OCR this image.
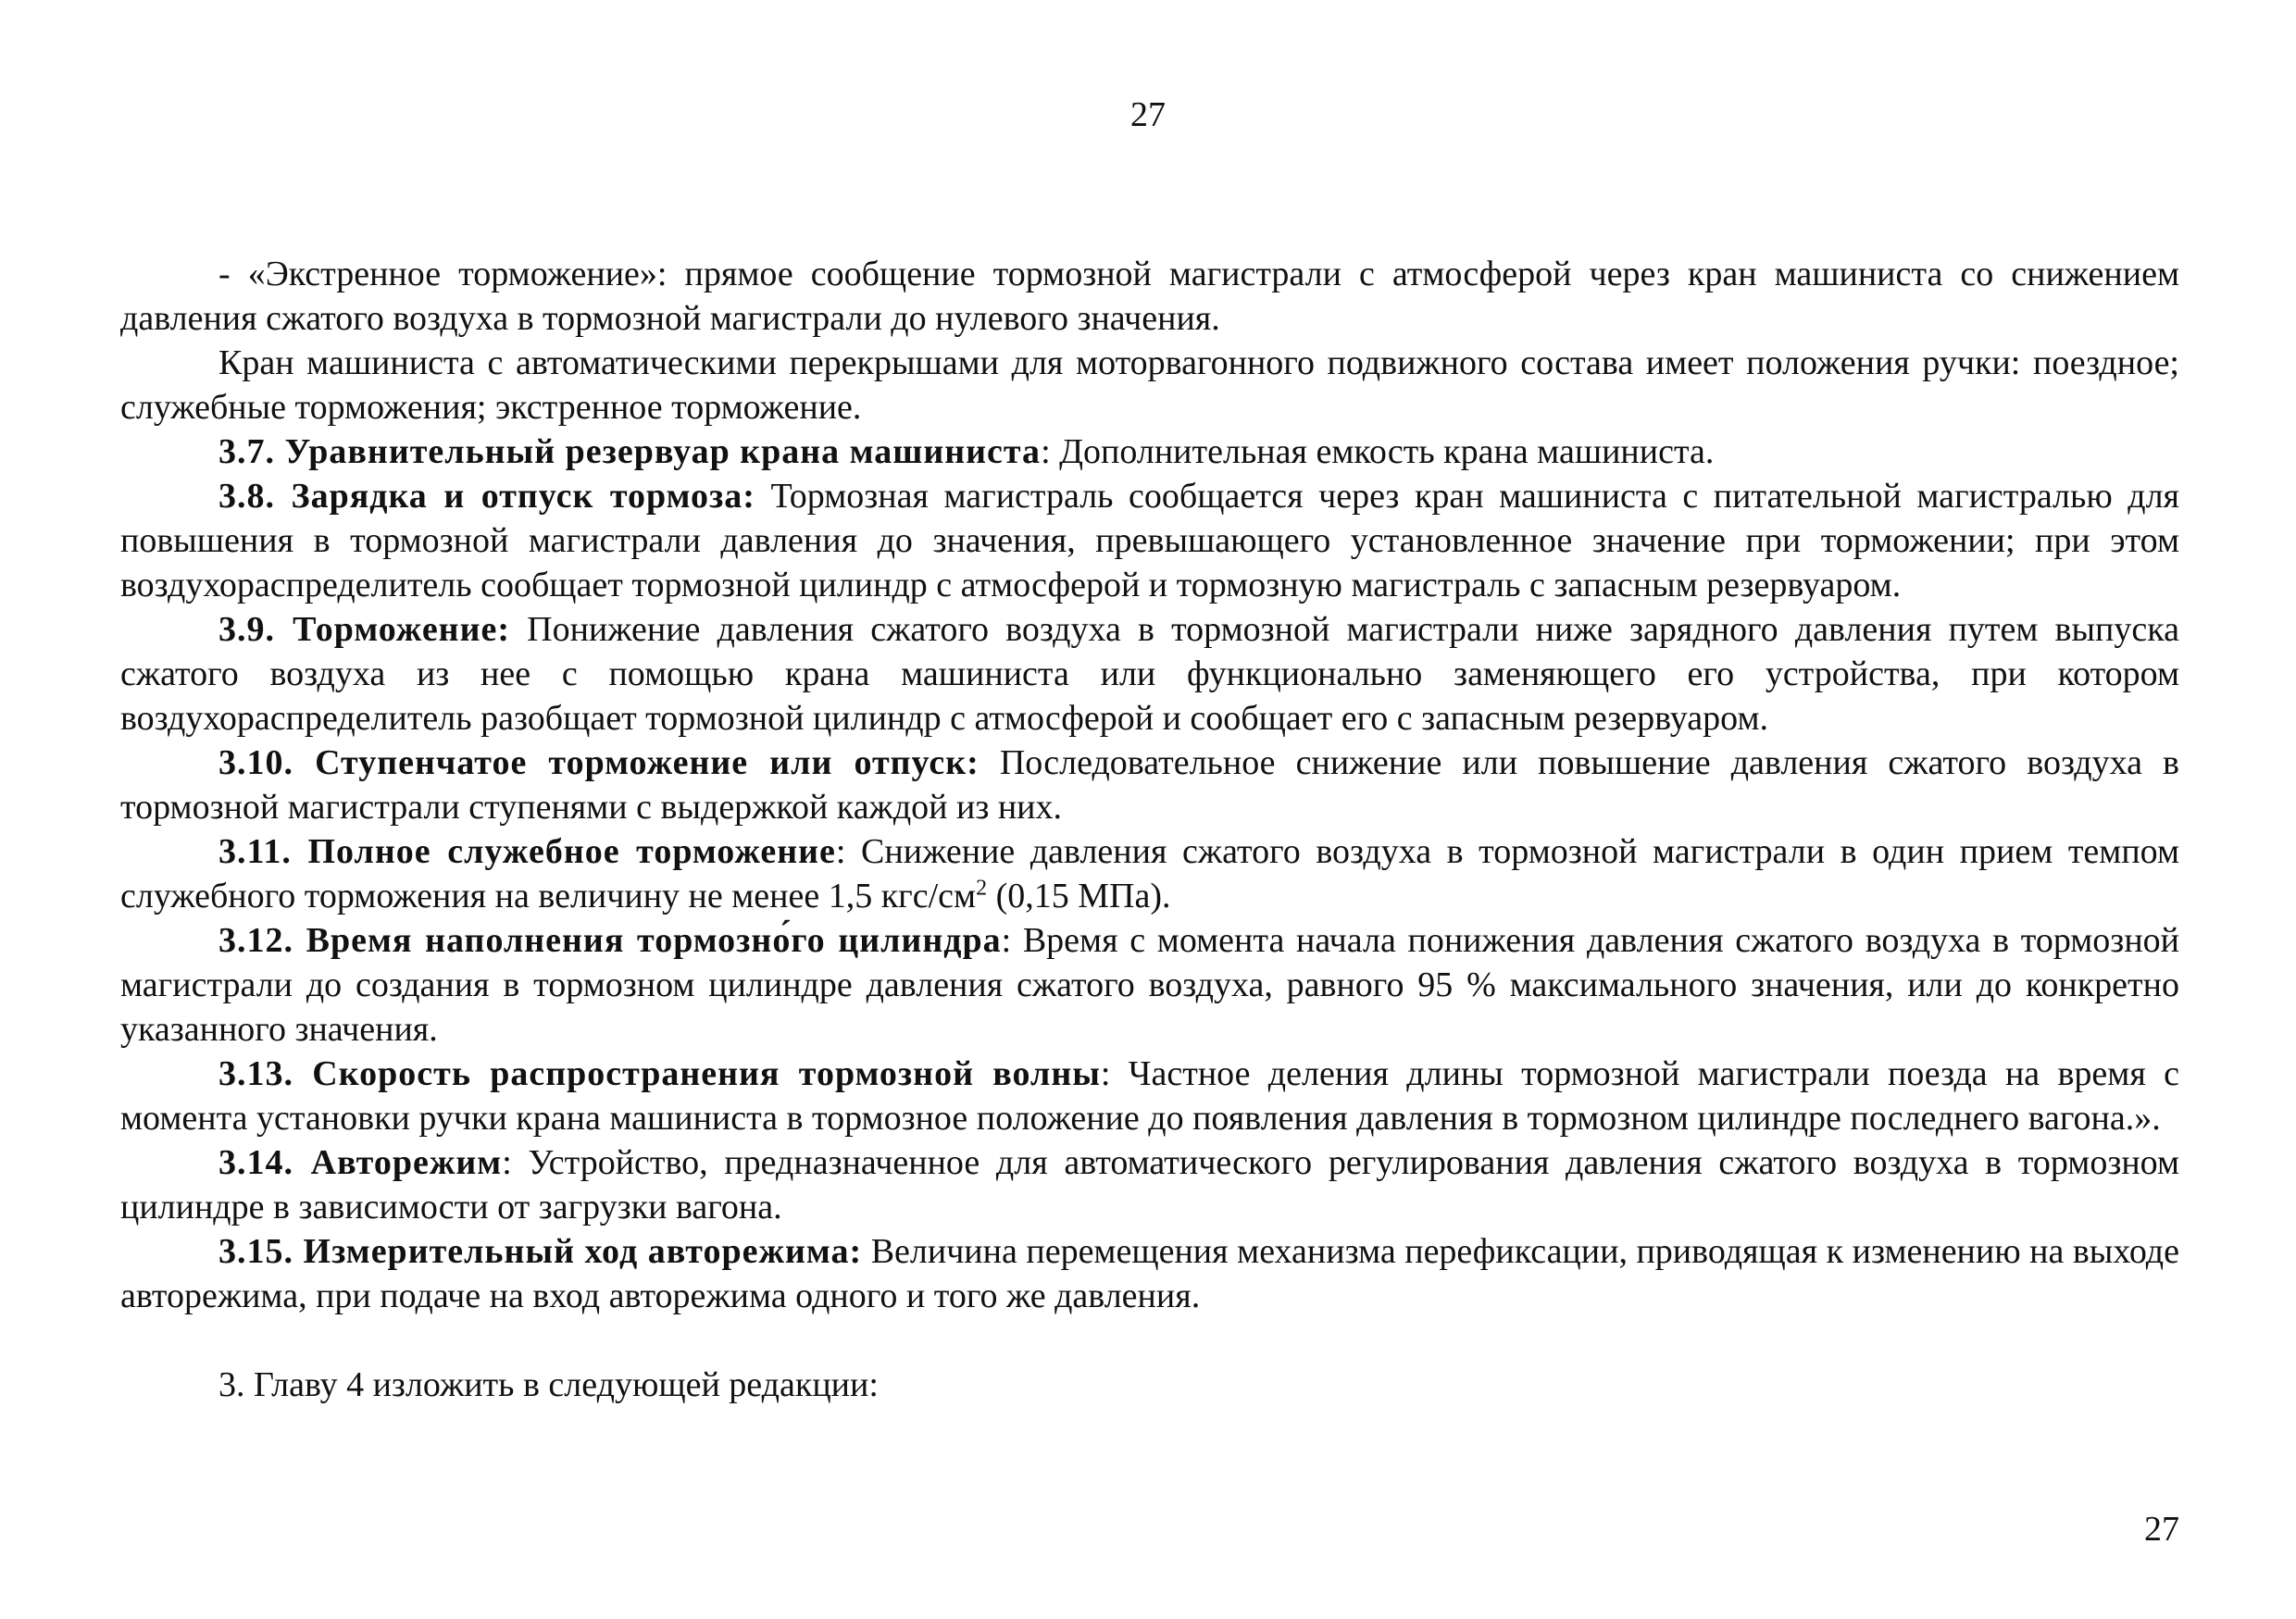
27

- «Экстренное торможение»: прямое сообщение тормозной магистрали с атмосферой через кран машиниста со снижением давления сжатого воздуха в тормозной магистрали до нулевого значения.

Кран машиниста с автоматическими перекрышами для моторвагонного подвижного состава имеет положения ручки: поездное; служебные торможения; экстренное торможение.

3.7. Уравнительный резервуар крана машиниста: Дополнительная емкость крана машиниста.

3.8. Зарядка и отпуск тормоза: Тормозная магистраль сообщается через кран машиниста с питательной магистралью для повышения в тормозной магистрали давления до значения, превышающего установленное значение при торможении; при этом воздухораспределитель сообщает тормозной цилиндр с атмосферой и тормозную магистраль с запасным резервуаром.

3.9. Торможение: Понижение давления сжатого воздуха в тормозной магистрали ниже зарядного давления путем выпуска сжатого воздуха из нее с помощью крана машиниста или функционально заменяющего его устройства, при котором воздухораспределитель разобщает тормозной цилиндр с атмосферой и сообщает его с запасным резервуаром.

3.10. Ступенчатое торможение или отпуск: Последовательное снижение или повышение давления сжатого воздуха в тормозной магистрали ступенями с выдержкой каждой из них.

3.11. Полное служебное торможение: Снижение давления сжатого воздуха в тормозной магистрали в один прием темпом служебного торможения на величину не менее 1,5 кгс/$см^2$ (0,15 МПа).

3.12. Время наполнения тормозно́го цилиндра: Время с момента начала понижения давления сжатого воздуха в тормозной магистрали до создания в тормозном цилиндре давления сжатого воздуха, равного 95 % максимального значения, или до конкретно указанного значения.

3.13. Скорость распространения тормозной волны: Частное деления длины тормозной магистрали поезда на время с момента установки ручки крана машиниста в тормозное положение до появления давления в тормозном цилиндре последнего вагона.».

3.14. Авторежим: Устройство, предназначенное для автоматического регулирования давления сжатого воздуха в тормозном цилиндре в зависимости от загрузки вагона.

3.15. Измерительный ход авторежима: Величина перемещения механизма перефиксации, приводящая к изменению на выходе авторежима, при подаче на вход авторежима одного и того же давления.

3. Главу 4 изложить в следующей редакции:

27
